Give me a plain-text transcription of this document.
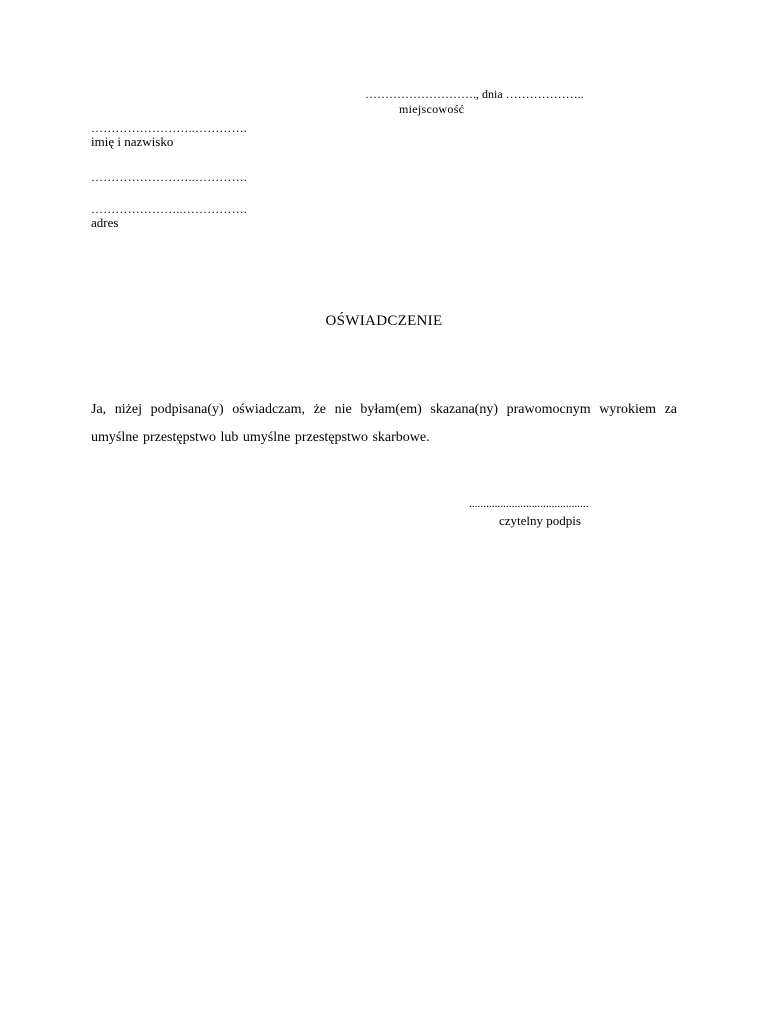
………………………., dnia ………………..
miejscowość
……………………..………….
imię i nazwisko
……………………..………….
…………………..…………….
adres
OŚWIADCZENIE
Ja, niżej podpisana(y) oświadczam, że nie byłam(em) skazana(ny) prawomocnym wyrokiem za umyślne przestępstwo lub umyślne przestępstwo skarbowe.
..........................................
czytelny podpis
